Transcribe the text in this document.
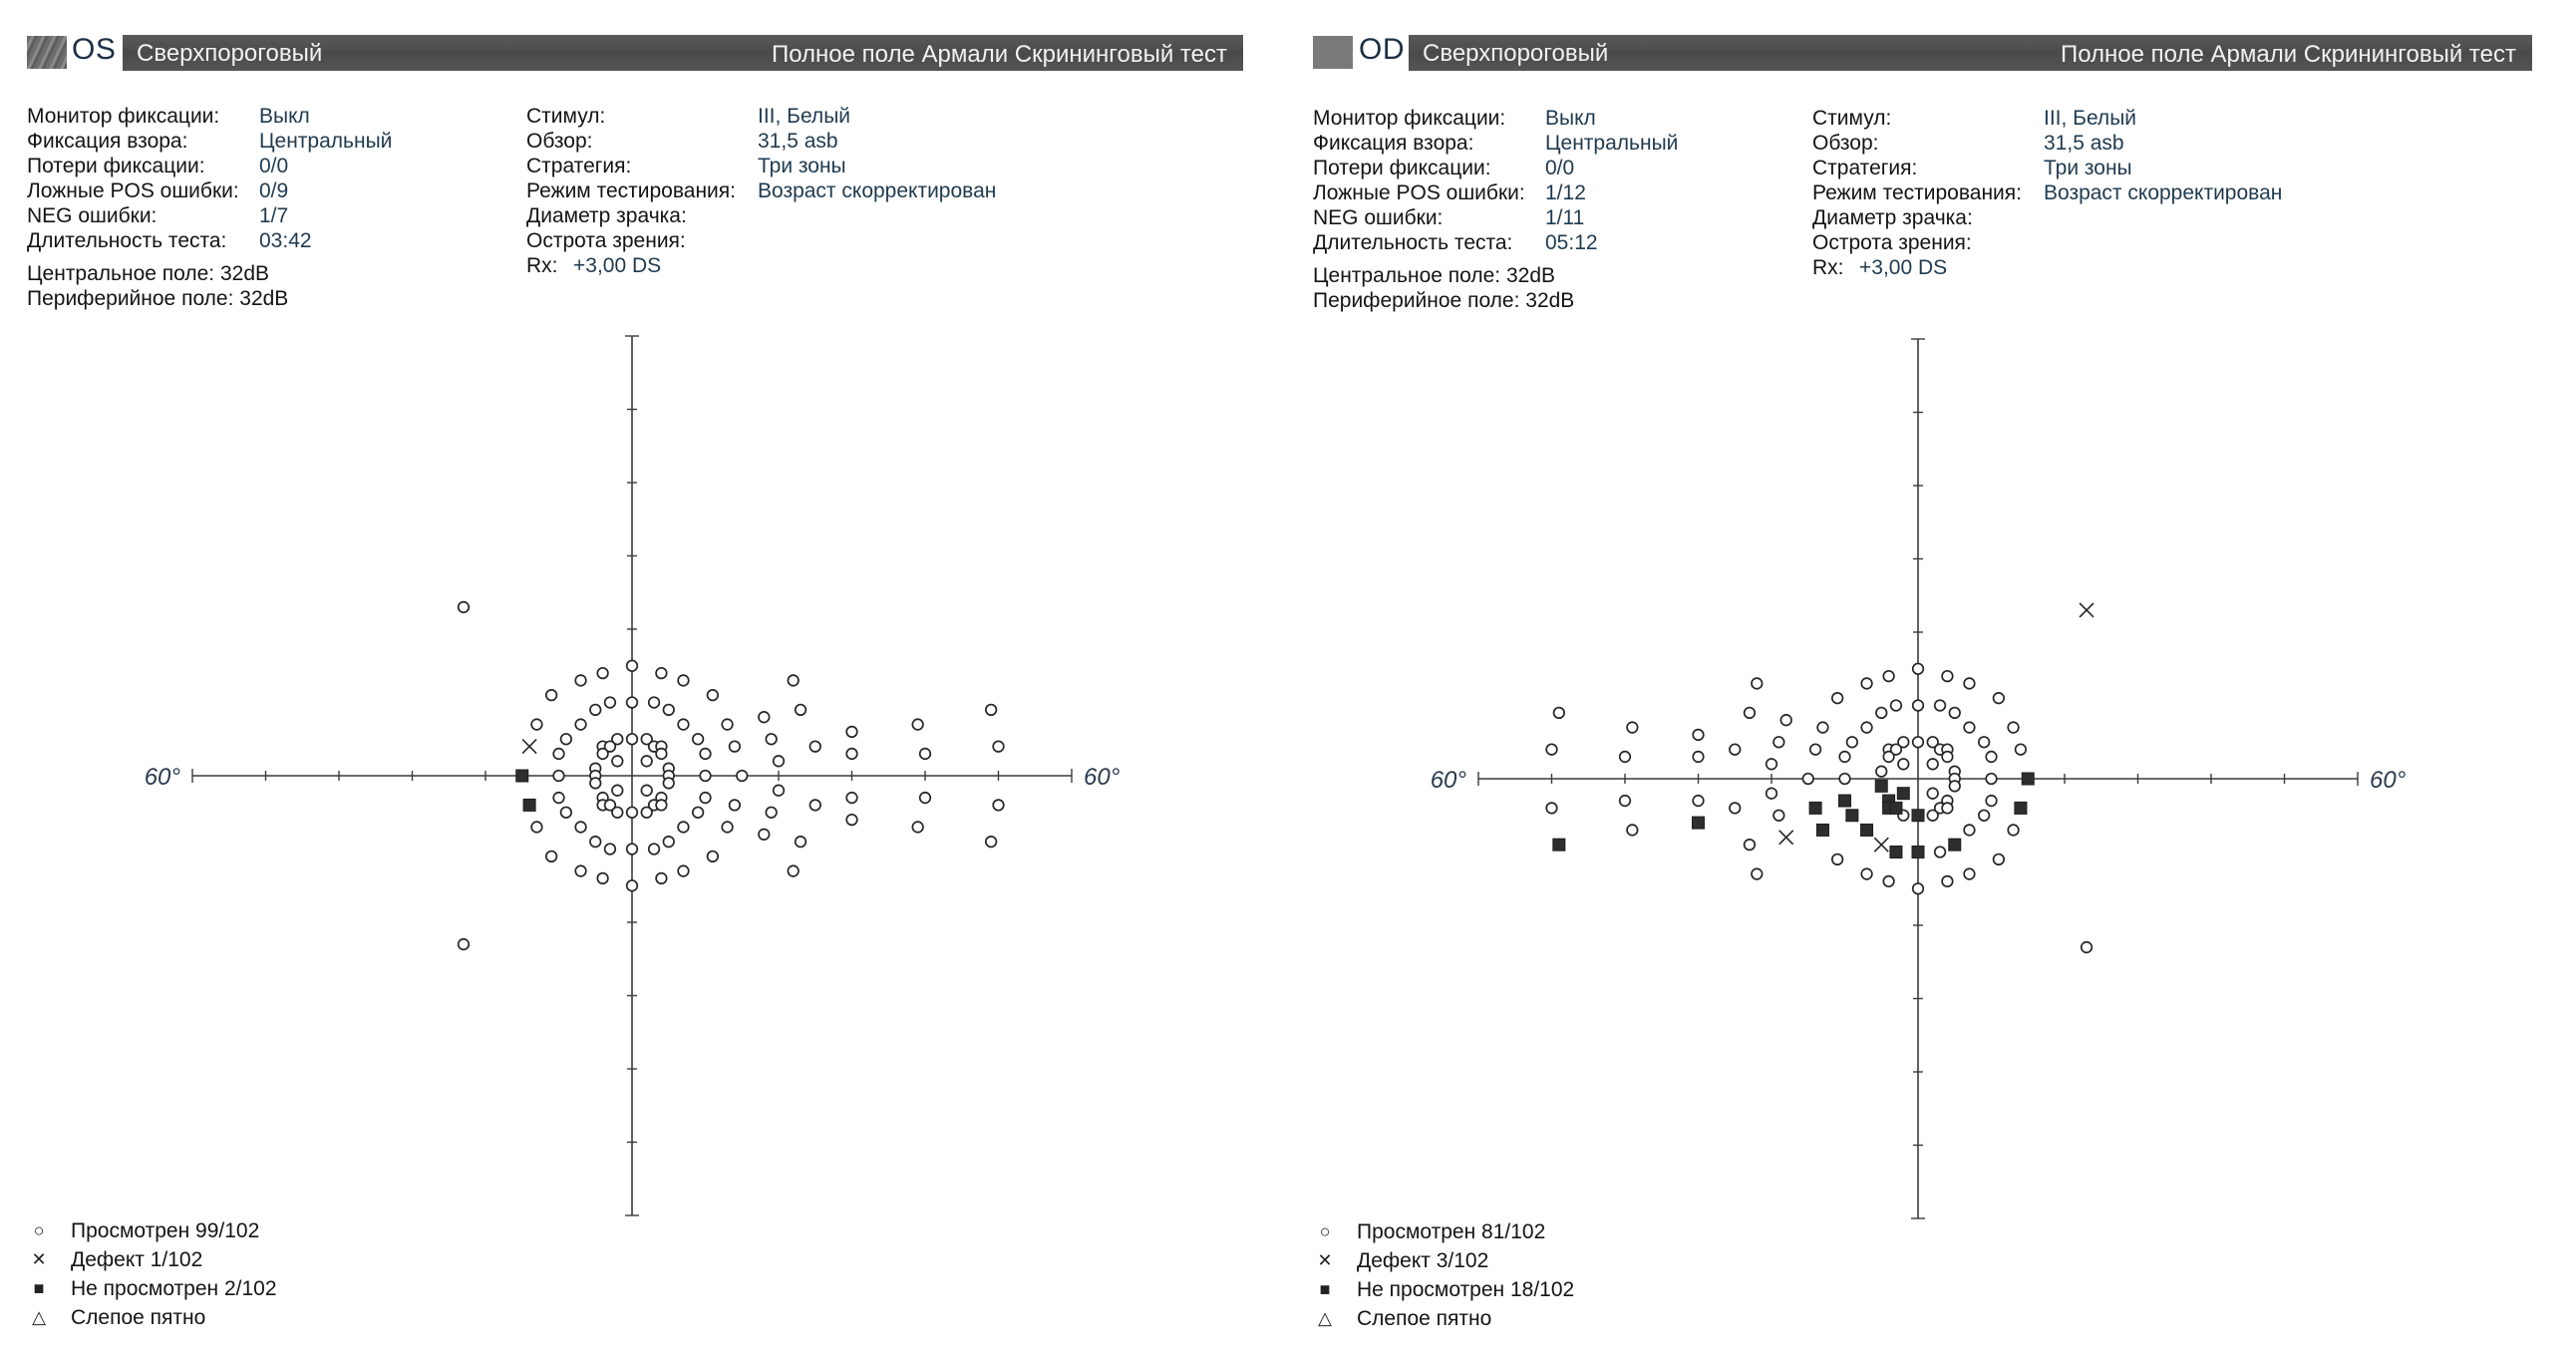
OS Сверхпороговый	Полное поле Армали Скрининговый тест
Монитор фиксации: Выкл
Фиксация взора:	Центральный
Потери фиксации:	0/0
Ложные POS ошибки: 0/9
NEG ошибки:	1/7
Длительность теста: 03:42
Центральное поле: 32dB
Периферийное поле: 32dB
Стимул:	III, Белый
Обзор:	31,5 asb
Стратегия:	Три зоны
Режим тестирования: Возраст скорректирован
Диаметр зрачка:
Острота зрения:
Rx: +3,00 DS
60°	60°
○	Просмотрен 99/102
✕ Дефект 1/102
■	Не просмотрен 2/102
△ Слепое пятно
OD Сверхпороговый	Полное поле Армали Скрининговый тест
Монитор фиксации: Выкл
Фиксация взора:	Центральный
Потери фиксации:	0/0
Ложные POS ошибки: 1/12
NEG ошибки:	1/11
Длительность теста: 05:12
Центральное поле: 32dB
Периферийное поле: 32dB
Стимул:	III, Белый
Обзор:	31,5 asb
Стратегия:	Три зоны
Режим тестирования: Возраст скорректирован
Диаметр зрачка:
Острота зрения:
Rx: +3,00 DS
60°	60°
○	Просмотрен 81/102
✕ Дефект 3/102
■	Не просмотрен 18/102
△ Слепое пятно
